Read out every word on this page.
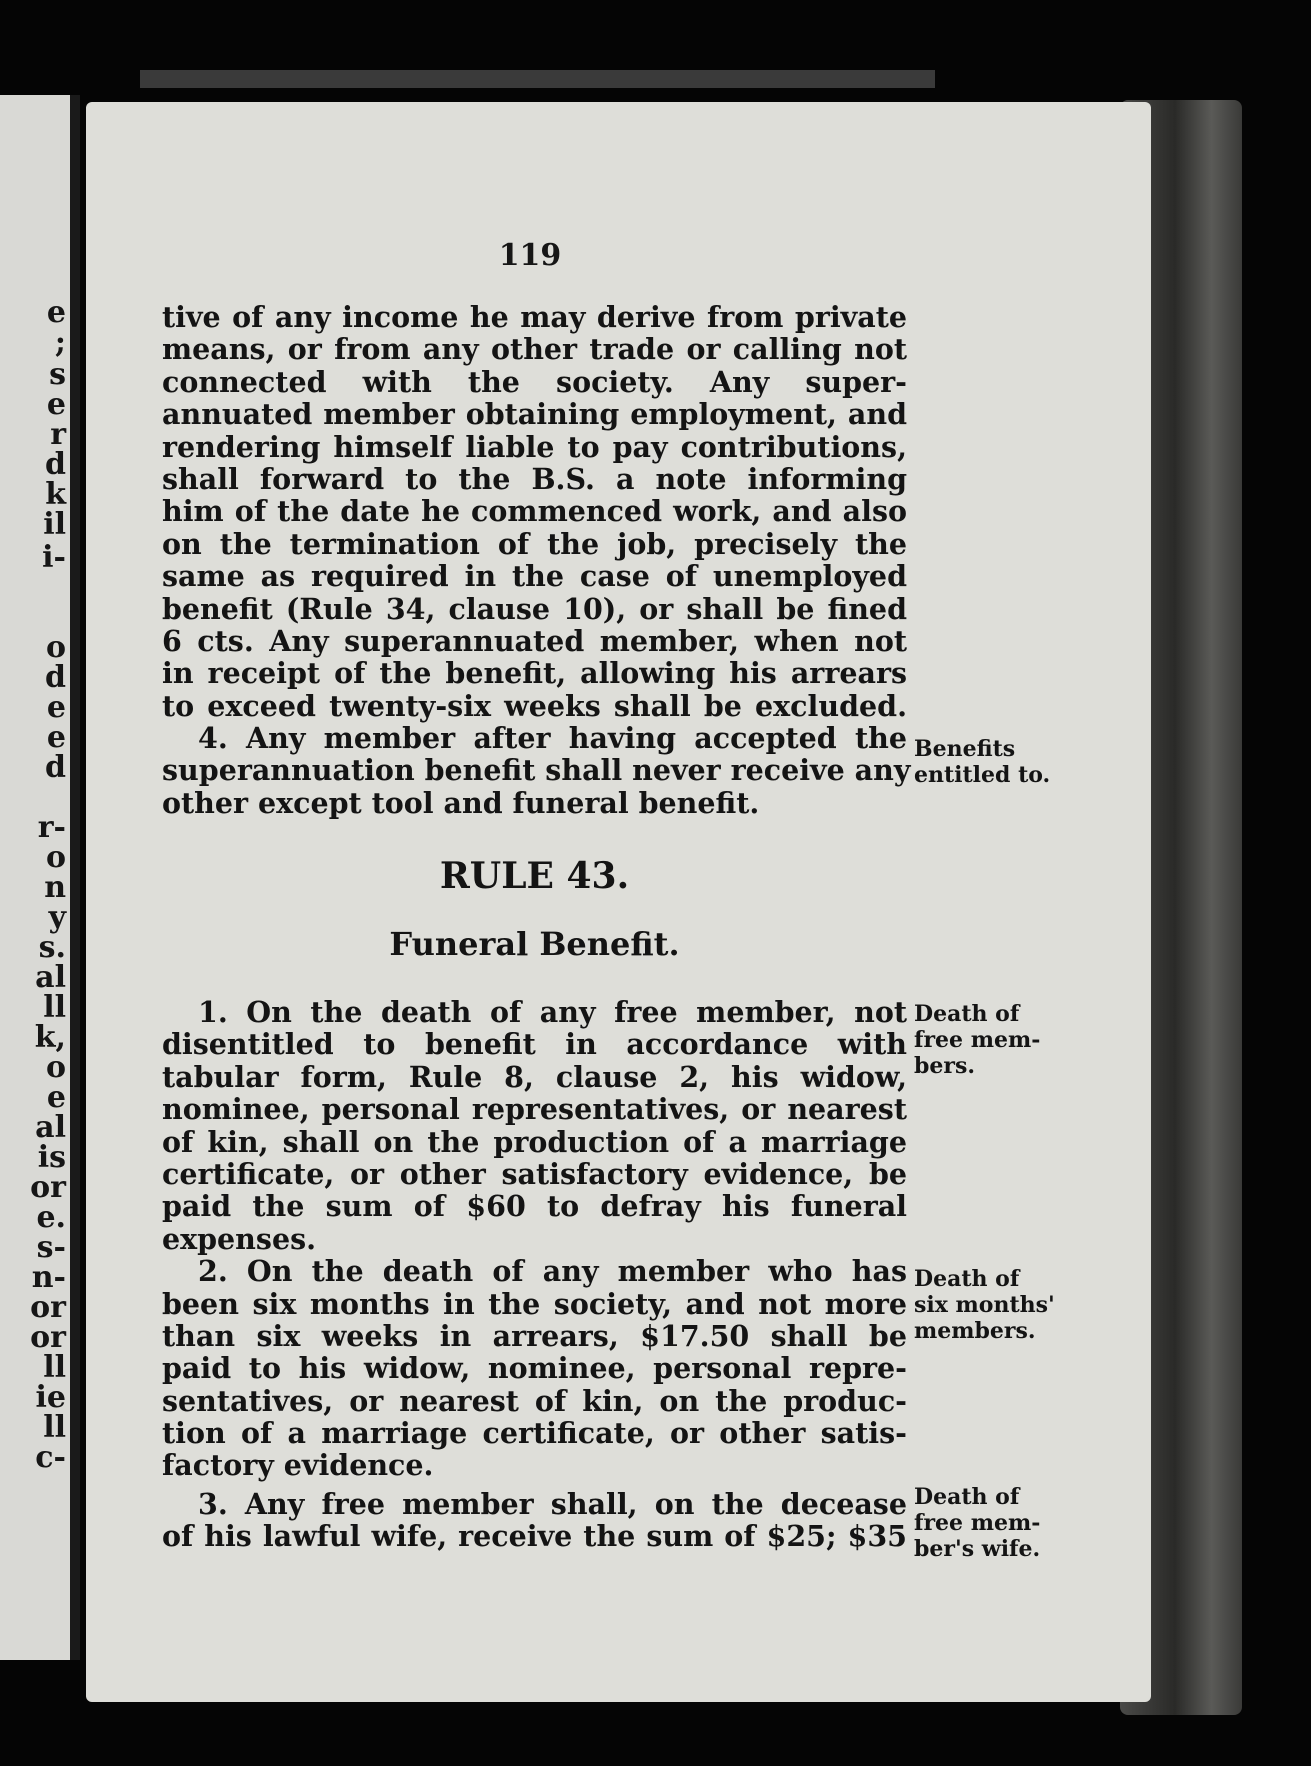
e
;
s
e
r
d
k
il
i-
o
d
e
e
d
r-
o
n
y
s.
al
ll
k,
o
e
al
is
or
e.
s-
n-
or
or
ll
ie
ll
c-
119
tive of any income he may derive from private
means, or from any other trade or calling not
connected with the society. Any super-
annuated member obtaining employment, and
rendering himself liable to pay contributions,
shall forward to the B.S. a note informing
him of the date he commenced work, and also
on the termination of the job, precisely the
same as required in the case of unemployed
benefit (Rule 34, clause 10), or shall be fined
6 cts. Any superannuated member, when not
in receipt of the benefit, allowing his arrears
to exceed twenty-six weeks shall be excluded.
4. Any member after having accepted the
superannuation benefit shall never receive any
other except tool and funeral benefit.
RULE 43.
Funeral Benefit.
1. On the death of any free member, not
disentitled to benefit in accordance with
tabular form, Rule 8, clause 2, his widow,
nominee, personal representatives, or nearest
of kin, shall on the production of a marriage
certificate, or other satisfactory evidence, be
paid the sum of $60 to defray his funeral
expenses.
2. On the death of any member who has
been six months in the society, and not more
than six weeks in arrears, $17.50 shall be
paid to his widow, nominee, personal repre-
sentatives, or nearest of kin, on the produc-
tion of a marriage certificate, or other satis-
factory evidence.
3. Any free member shall, on the decease
of his lawful wife, receive the sum of $25; $35
Benefits
entitled to.
Death of
free mem-
bers.
Death of
six months'
members.
Death of
free mem-
ber's wife.
